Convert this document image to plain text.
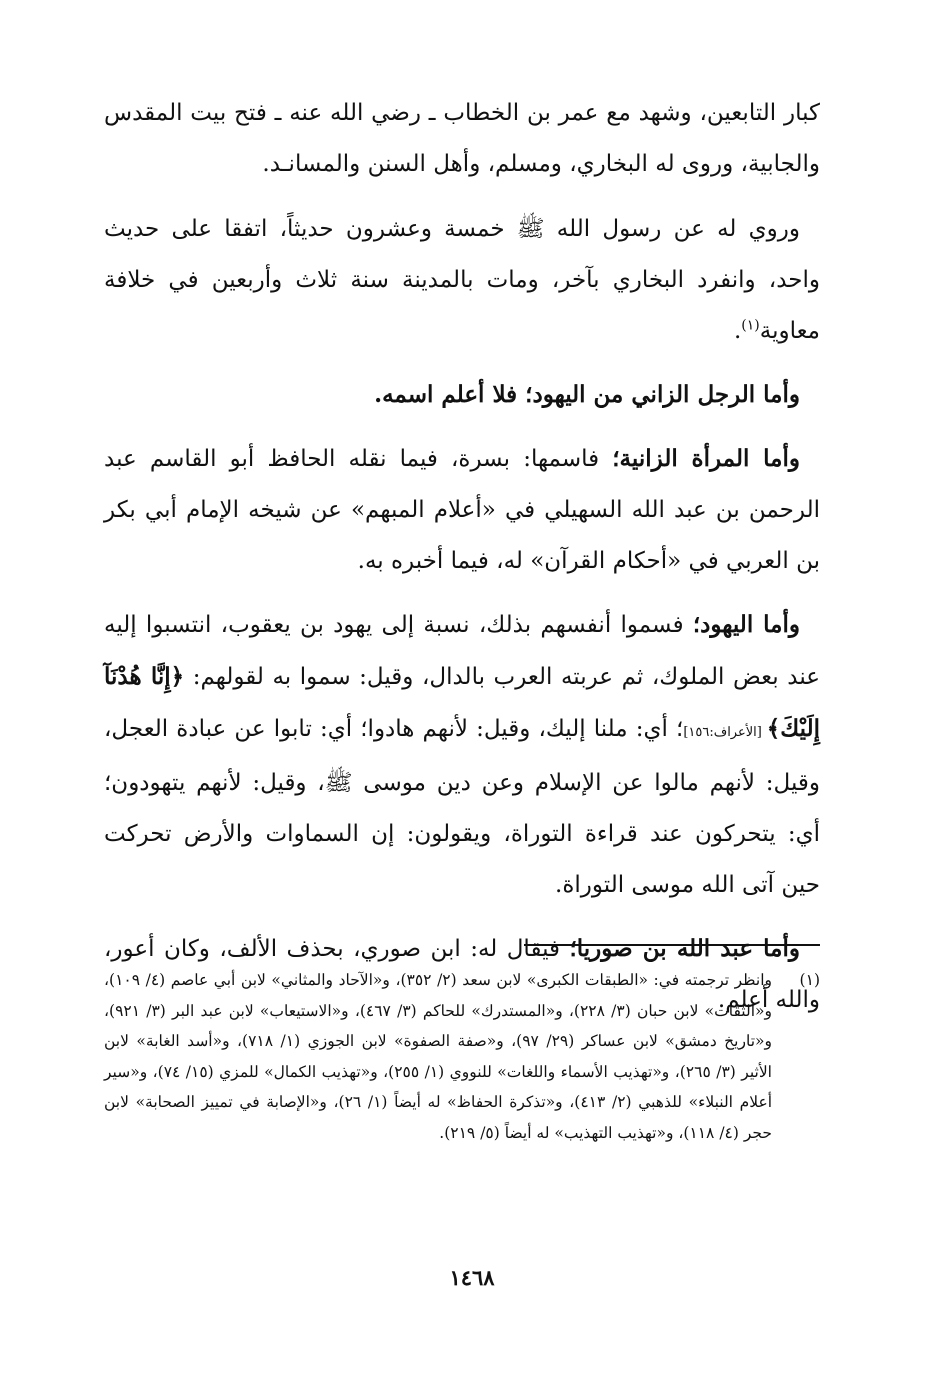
كبار التابعين، وشهد مع عمر بن الخطاب ـ رضي الله عنه ـ فتح بيت المقدس والجابية، وروى له البخاري، ومسلم، وأهل السنن والمسانـد.

وروي له عن رسول الله ﷺ خمسة وعشرون حديثاً، اتفقا على حديث واحد، وانفرد البخاري بآخر، ومات بالمدينة سنة ثلاث وأربعين في خلافة معاوية$^{(١)}$.

وأما الرجل الزاني من اليهود؛ فلا أعلم اسمه.

وأما المرأة الزانية؛ فاسمها: بسرة، فيما نقله الحافظ أبو القاسم عبد الرحمن بن عبد الله السهيلي في «أعلام المبهم» عن شيخه الإمام أبي بكر بن العربي في «أحكام القرآن» له، فيما أخبره به.

وأما اليهود؛ فسموا أنفسهم بذلك، نسبة إلى يهود بن يعقوب، انتسبوا إليه عند بعض الملوك، ثم عربته العرب بالدال، وقيل: سموا به لقولهم: ﴿إِنَّا هُدْنَآ إِلَيْكَ﴾ [الأعراف:١٥٦]؛ أي: ملنا إليك، وقيل: لأنهم هادوا؛ أي: تابوا عن عبادة العجل، وقيل: لأنهم مالوا عن الإسلام وعن دين موسى ﷺ، وقيل: لأنهم يتهودون؛ أي: يتحركون عند قراءة التوراة، ويقولون: إن السماوات والأرض تحركت حين آتى الله موسى التوراة.

وأما عبد الله بن صوريا؛ فيقال له: ابن صوري، بحذف الألف، وكان أعور، والله أعلم.

(١)
وانظر ترجمته في: «الطبقات الكبرى» لابن سعد (٢/ ٣٥٢)، و«الآحاد والمثاني» لابن أبي عاصم (٤/ ١٠٩)، و«الثقات» لابن حبان (٣/ ٢٢٨)، و«المستدرك» للحاكم (٣/ ٤٦٧)، و«الاستيعاب» لابن عبد البر (٣/ ٩٢١)، و«تاريخ دمشق» لابن عساكر (٢٩/ ٩٧)، و«صفة الصفوة» لابن الجوزي (١/ ٧١٨)، و«أسد الغابة» لابن الأثير (٣/ ٢٦٥)، و«تهذيب الأسماء واللغات» للنووي (١/ ٢٥٥)، و«تهذيب الكمال» للمزي (١٥/ ٧٤)، و«سير أعلام النبلاء» للذهبي (٢/ ٤١٣)، و«تذكرة الحفاظ» له أيضاً (١/ ٢٦)، و«الإصابة في تمييز الصحابة» لابن حجر (٤/ ١١٨)، و«تهذيب التهذيب» له أيضاً (٥/ ٢١٩).
١٤٦٨
